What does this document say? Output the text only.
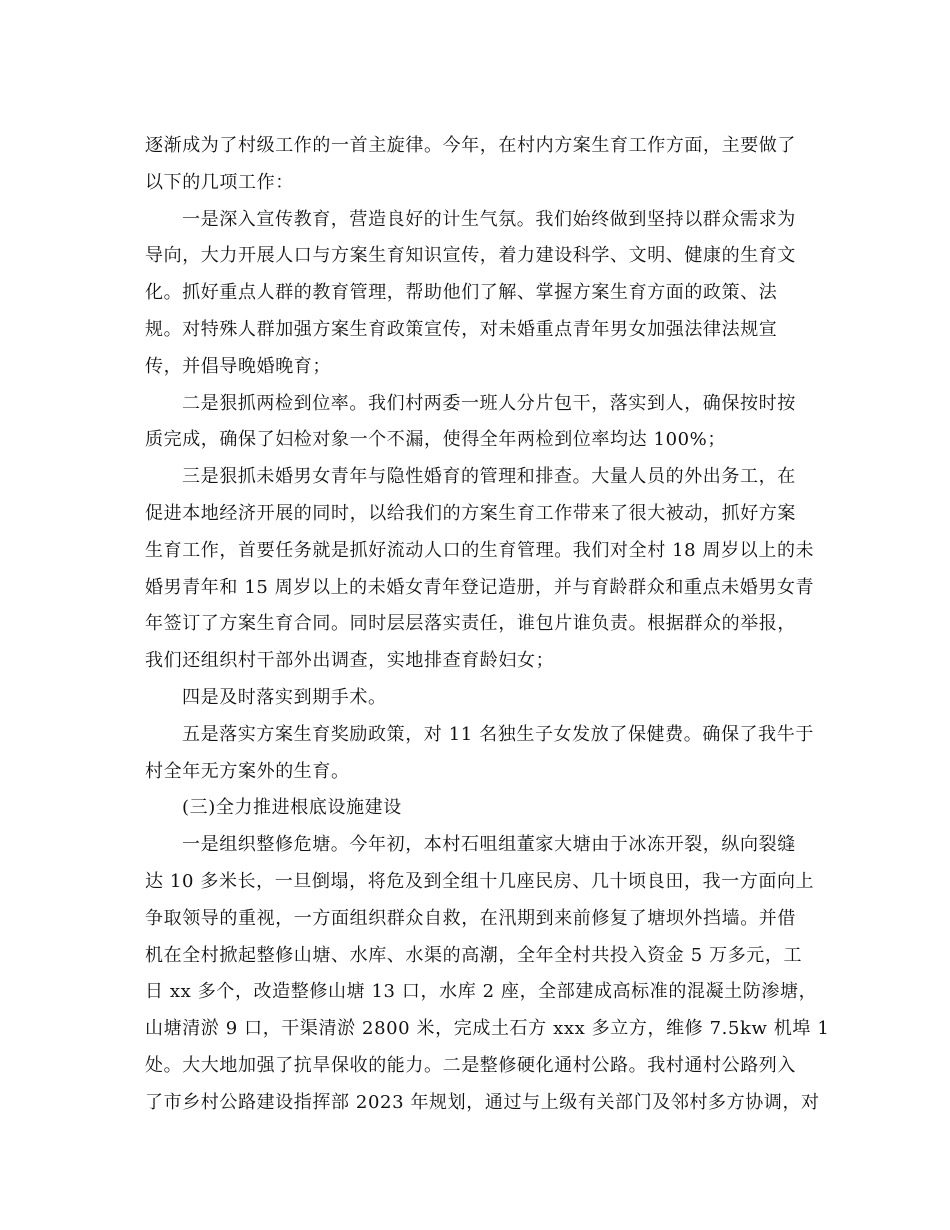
逐渐成为了村级工作的一首主旋律。今年，在村内方案生育工作方面，主要做了
以下的几项工作：
一是深入宣传教育，营造良好的计生气氛。我们始终做到坚持以群众需求为
导向，大力开展人口与方案生育知识宣传，着力建设科学、文明、健康的生育文
化。抓好重点人群的教育管理，帮助他们了解、掌握方案生育方面的政策、法
规。对特殊人群加强方案生育政策宣传，对未婚重点青年男女加强法律法规宣
传，并倡导晚婚晚育；
二是狠抓两检到位率。我们村两委一班人分片包干，落实到人，确保按时按
质完成，确保了妇检对象一个不漏，使得全年两检到位率均达 100%；
三是狠抓未婚男女青年与隐性婚育的管理和排查。大量人员的外出务工，在
促进本地经济开展的同时，以给我们的方案生育工作带来了很大被动，抓好方案
生育工作，首要任务就是抓好流动人口的生育管理。我们对全村 18 周岁以上的未
婚男青年和 15 周岁以上的未婚女青年登记造册，并与育龄群众和重点未婚男女青
年签订了方案生育合同。同时层层落实责任，谁包片谁负责。根据群众的举报，
我们还组织村干部外出调查，实地排查育龄妇女；
四是及时落实到期手术。
五是落实方案生育奖励政策，对 11 名独生子女发放了保健费。确保了我牛于
村全年无方案外的生育。
(三)全力推进根底设施建设
一是组织整修危塘。今年初，本村石咀组董家大塘由于冰冻开裂，纵向裂缝
达 10 多米长，一旦倒塌，将危及到全组十几座民房、几十顷良田，我一方面向上
争取领导的重视，一方面组织群众自救，在汛期到来前修复了塘坝外挡墙。并借
机在全村掀起整修山塘、水库、水渠的高潮，全年全村共投入资金 5 万多元，工
日 xx 多个，改造整修山塘 13 口，水库 2 座，全部建成高标准的混凝土防渗塘，
山塘清淤 9 口，干渠清淤 2800 米，完成土石方 xxx 多立方，维修 7.5kw 机埠 1
处。大大地加强了抗旱保收的能力。二是整修硬化通村公路。我村通村公路列入
了市乡村公路建设指挥部 2023 年规划，通过与上级有关部门及邻村多方协调，对
